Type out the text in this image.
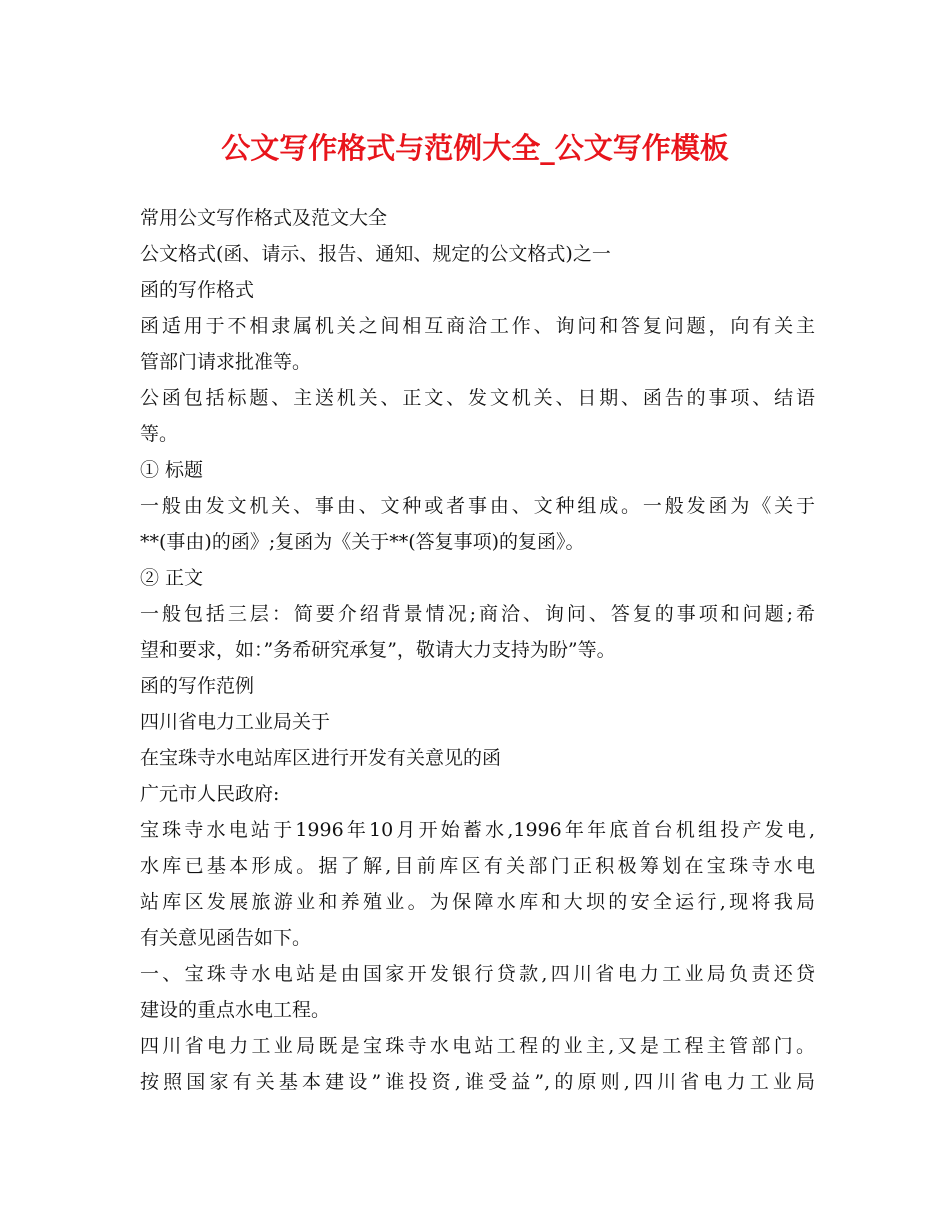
公文写作格式与范例大全_公文写作模板
常用公文写作格式及范文大全
公文格式(函、请示、报告、通知、规定的公文格式)之一
函的写作格式
函适用于不相隶属机关之间相互商洽工作、询问和答复问题，向有关主
管部门请求批准等。
公函包括标题、主送机关、正文、发文机关、日期、函告的事项、结语
等。
① 标题
一般由发文机关、事由、文种或者事由、文种组成。一般发函为《关于
**(事由)的函》;复函为《关于**(答复事项)的复函》。
② 正文
一般包括三层：简要介绍背景情况;商洽、询问、答复的事项和问题;希
望和要求，如：”务希研究承复”，敬请大力支持为盼”等。
函的写作范例
四川省电力工业局关于
在宝珠寺水电站库区进行开发有关意见的函
广元市人民政府:
宝珠寺水电站于1996年10月开始蓄水,1996年年底首台机组投产发电,
水库已基本形成。据了解,目前库区有关部门正积极筹划在宝珠寺水电
站库区发展旅游业和养殖业。为保障水库和大坝的安全运行,现将我局
有关意见函告如下。
一、宝珠寺水电站是由国家开发银行贷款,四川省电力工业局负责还贷
建设的重点水电工程。
四川省电力工业局既是宝珠寺水电站工程的业主,又是工程主管部门。
按照国家有关基本建设”谁投资,谁受益”,的原则,四川省电力工业局
